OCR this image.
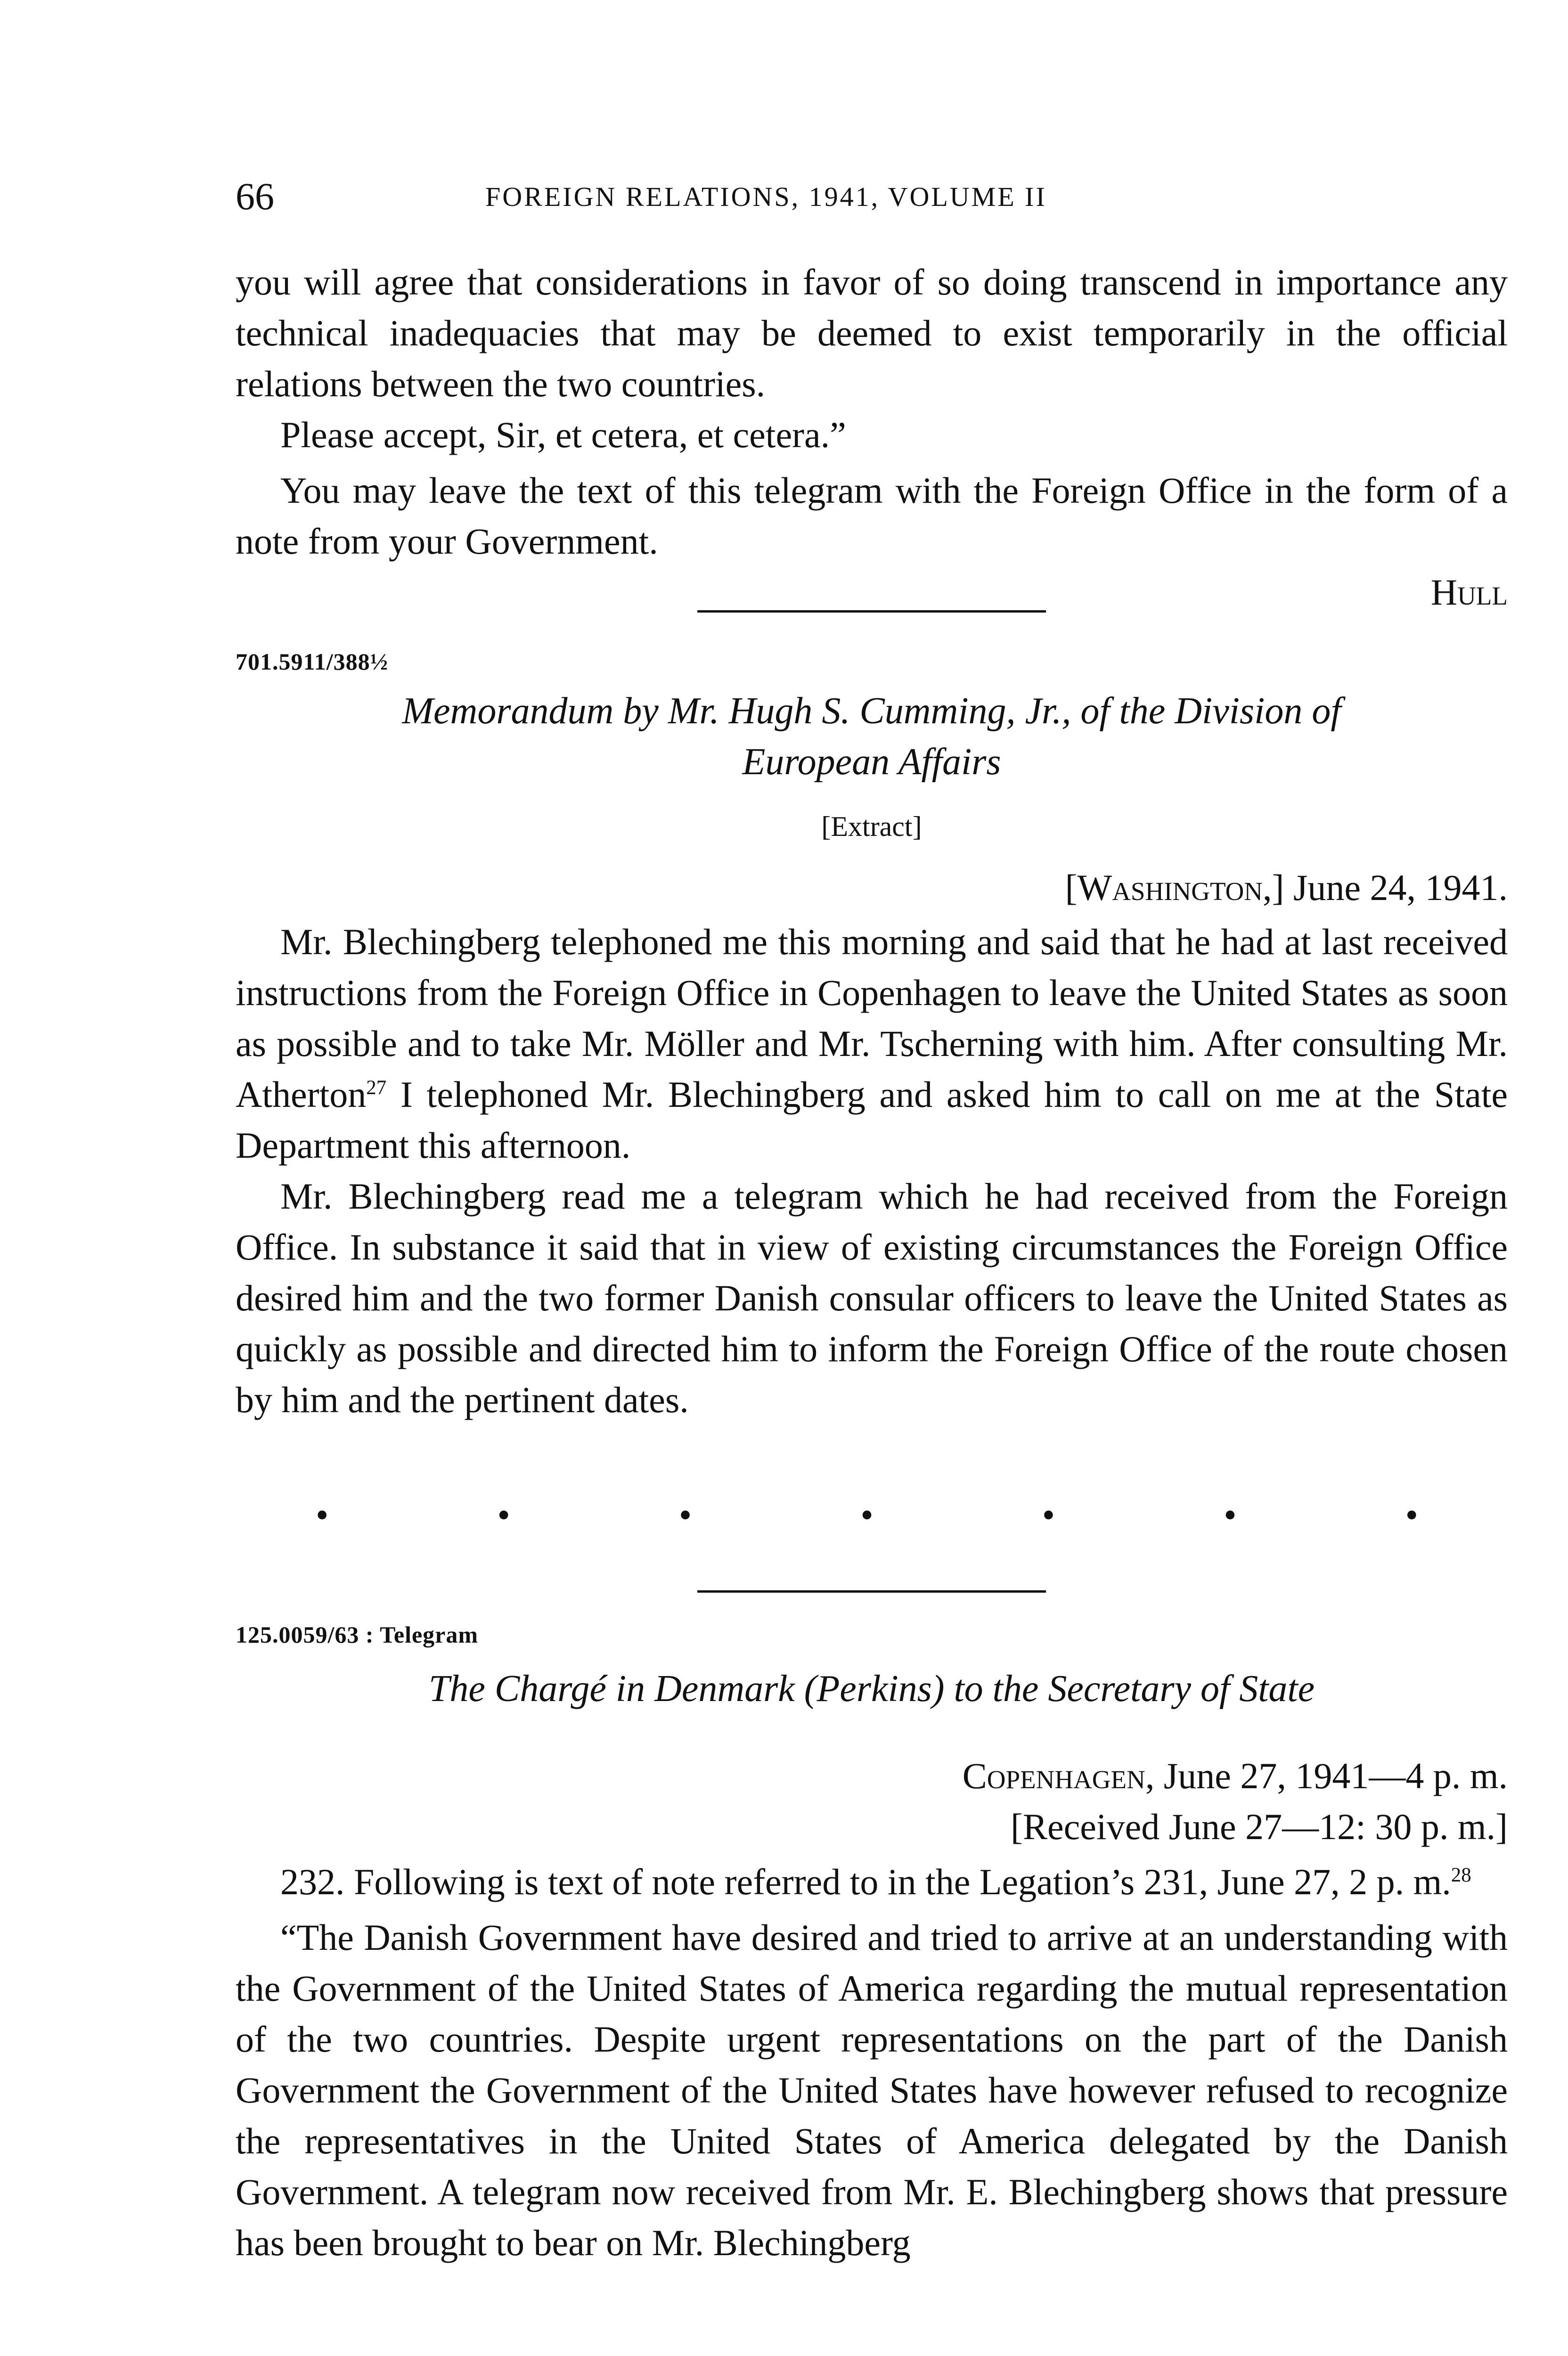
66	FOREIGN RELATIONS, 1941, VOLUME II

you will agree that considerations in favor of so doing transcend in importance any technical inadequacies that may be deemed to exist temporarily in the official relations between the two countries.

Please accept, Sir, et cetera, et cetera.”

You may leave the text of this telegram with the Foreign Office in the form of a note from your Government.

Hull

701.5911/388½
Memorandum by Mr. Hugh S. Cumming, Jr., of the Division of
European Affairs
[Extract]
[Washington,] June 24, 1941.

Mr. Blechingberg telephoned me this morning and said that he had at last received instructions from the Foreign Office in Copenhagen to leave the United States as soon as possible and to take Mr. Möller and Mr. Tscherning with him. After consulting Mr. Atherton$^{27}$ I telephoned Mr. Blechingberg and asked him to call on me at the State Department this afternoon.

Mr. Blechingberg read me a telegram which he had received from the Foreign Office. In substance it said that in view of existing circumstances the Foreign Office desired him and the two former Danish consular officers to leave the United States as quickly as possible and directed him to inform the Foreign Office of the route chosen by him and the pertinent dates.

•	•	•	•	•	•	•
125.0059/63 : Telegram
The Chargé in Denmark (Perkins) to the Secretary of State

Copenhagen, June 27, 1941—4 p. m.

[Received June 27—12: 30 p. m.]

232. Following is text of note referred to in the Legation’s 231, June 27, 2 p. m.$^{28}$

“The Danish Government have desired and tried to arrive at an understanding with the Government of the United States of America regarding the mutual representation of the two countries. Despite urgent representations on the part of the Danish Government the Government of the United States have however refused to recognize the representatives in the United States of America delegated by the Danish Government. A telegram now received from Mr. E. Blechingberg shows that pressure has been brought to bear on Mr. Blechingberg
